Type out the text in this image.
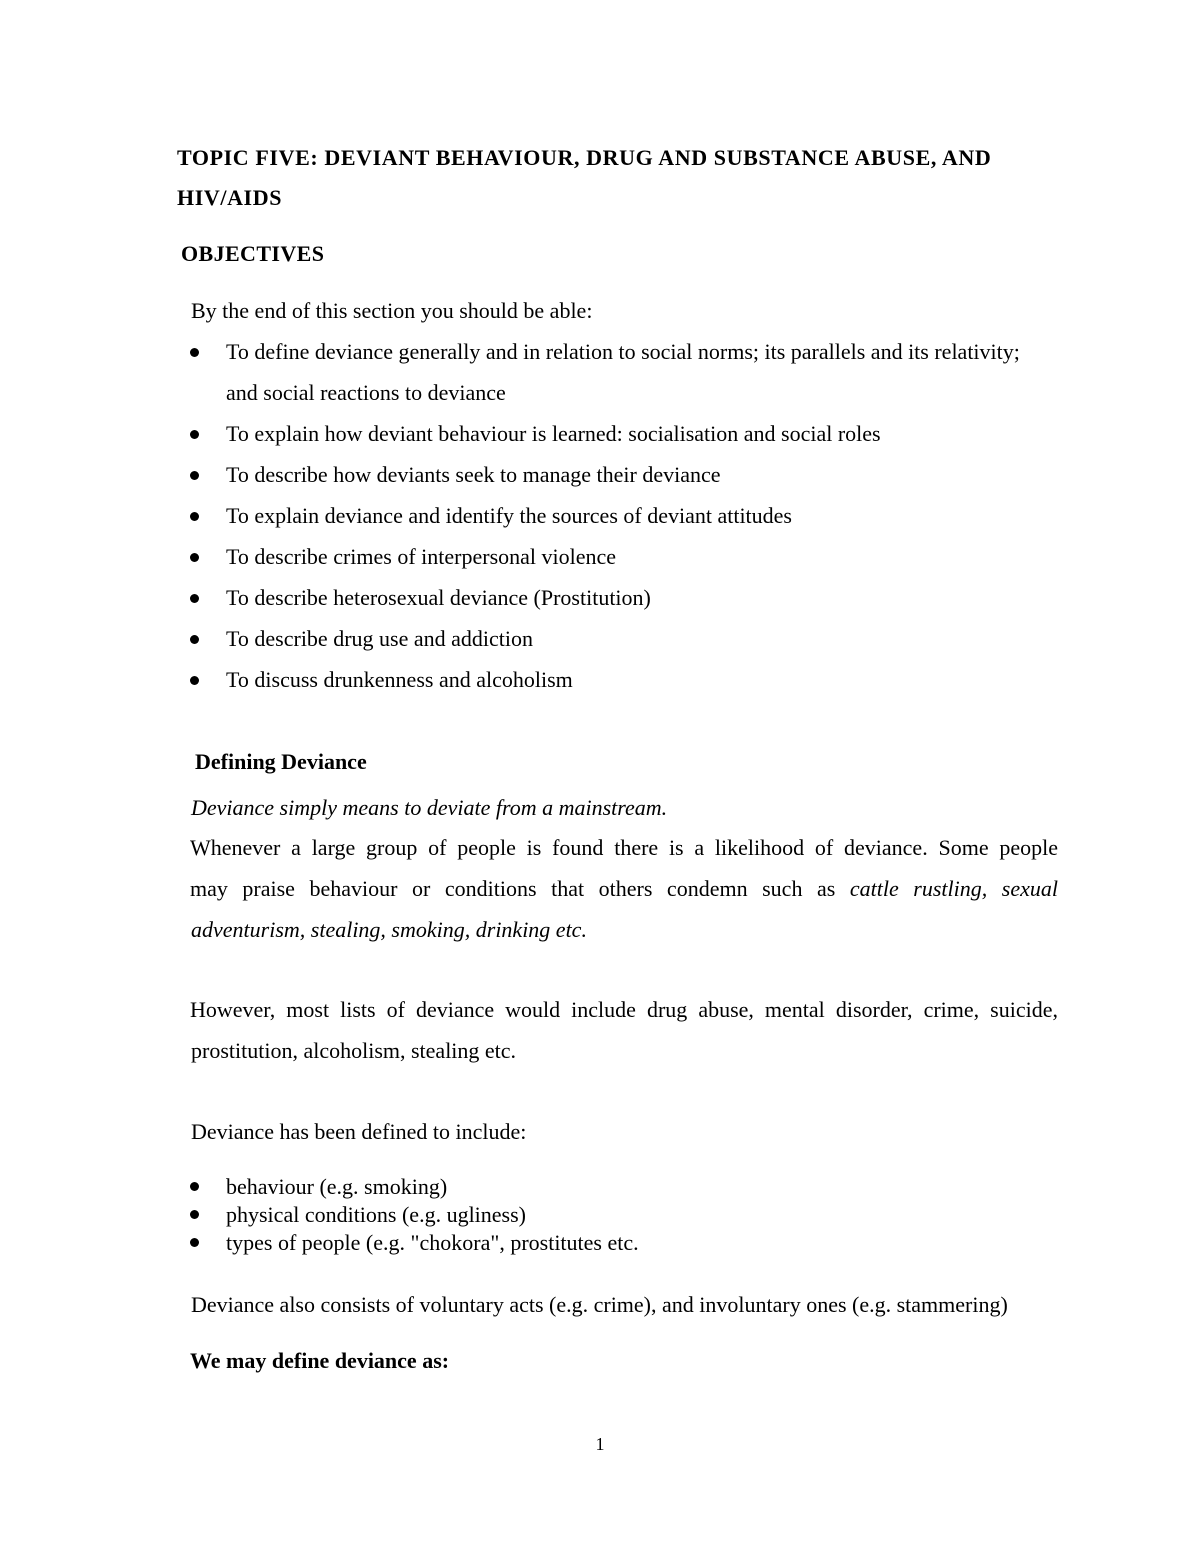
TOPIC FIVE: DEVIANT BEHAVIOUR, DRUG AND SUBSTANCE ABUSE, AND
HIV/AIDS
OBJECTIVES
By the end of this section you should be able:
To define deviance generally and in relation to social norms; its parallels and its relativity;
and social reactions to deviance
To explain how deviant behaviour is learned: socialisation and social roles
To describe how deviants seek to manage their deviance
To explain deviance and identify the sources of deviant attitudes
To describe crimes of interpersonal violence
To describe heterosexual deviance (Prostitution)
To describe drug use and addiction
To discuss drunkenness and alcoholism
Defining Deviance
Deviance simply means to deviate from a mainstream.
Whenever a large group of people is found there is a likelihood of deviance. Some people
may praise behaviour or conditions that others condemn such as cattle rustling, sexual
adventurism, stealing, smoking, drinking etc.
However, most lists of deviance would include drug abuse, mental disorder, crime, suicide,
prostitution, alcoholism, stealing etc.
Deviance has been defined to include:
behaviour (e.g. smoking)
physical conditions (e.g. ugliness)
types of people (e.g. "chokora", prostitutes etc.
Deviance also consists of voluntary acts (e.g. crime), and involuntary ones (e.g. stammering)
We may define deviance as:
1
